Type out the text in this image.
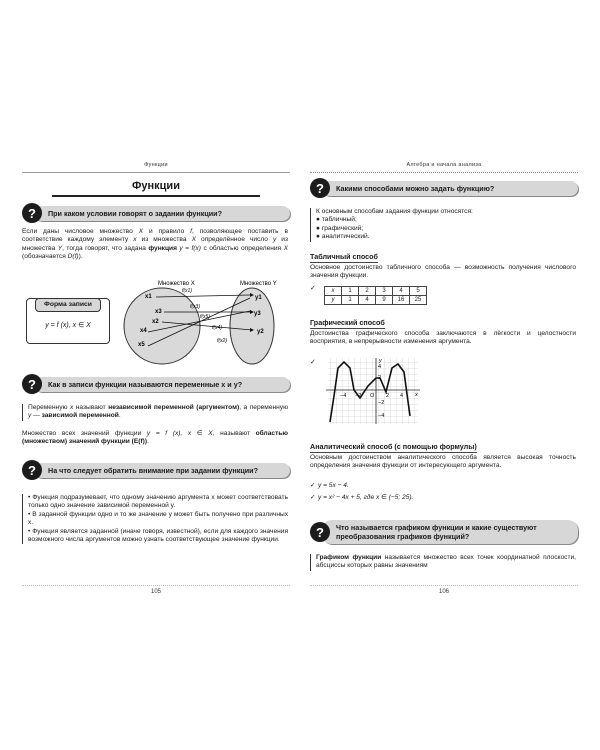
Функции
Функции
?	При каком условии говорят о задании функции?
Если даны числовое множество X и правило f, позволяющее поставить в соответствие каждому элементу x из множества X определённое число y из множества Y, тогда говорят, что задана функция y = f(x) с областью определения X (обозначается D(f)).
Форма записи
y = f (x), x ∈ X
Множество X	Множество Y
x1
x3
x4
x5
x2
y1
y3
y2
f(x1)
f(x3)
f(x5)
f(x4)
f(x2)
?	Как в записи функции называются переменные x и y?
Переменную x называют независимой переменной (аргументом), а переменную y — зависимой переменной.
Множество всех значений функции y = f (x), x ∈ X, называют областью (множеством) значений функции (E(f)).
?	На что следует обратить внимание при задании функции?
• Функция подразумевает, что одному значению аргумента x может соответствовать только одно значение зависимой переменной y.
• В заданной функции одно и то же значение y может быть получено при различных x.
• Функция является заданной (иначе говоря, известной), если для каждого значения возможного числа аргументов можно узнать соответствующее значение функции.
105
Алгебра и начала анализа
?	Какими способами можно задать функцию?
К основным способам задания функции относятся:
● табличный;
● графический;
● аналитический.
Табличный способ
Основное достоинство табличного способа — возможность получения числового значения функции.
✓	x	1	2	3	4	5
y	1	4	9	16	25
Графический способ
Достоинства графического способа заключаются в лёгкости и целостности восприятия, в непрерывности изменения аргумента.
✓
−4 −2 O 2 4
4
2
−2
−4
x
y
Аналитический способ (с помощью формулы)
Основным достоинством аналитического способа является высокая точность определения значения функции от интересующего аргумента.
✓ y = 5x − 4.
✓ y = x² − 4x + 5, где x ∈ (−5; 25).
?	Что называется графиком функции и какие существуют преобразования графиков функций?
Графиком функции называется множество всех точек координатной плоскости, абсциссы которых равны значениям
106
